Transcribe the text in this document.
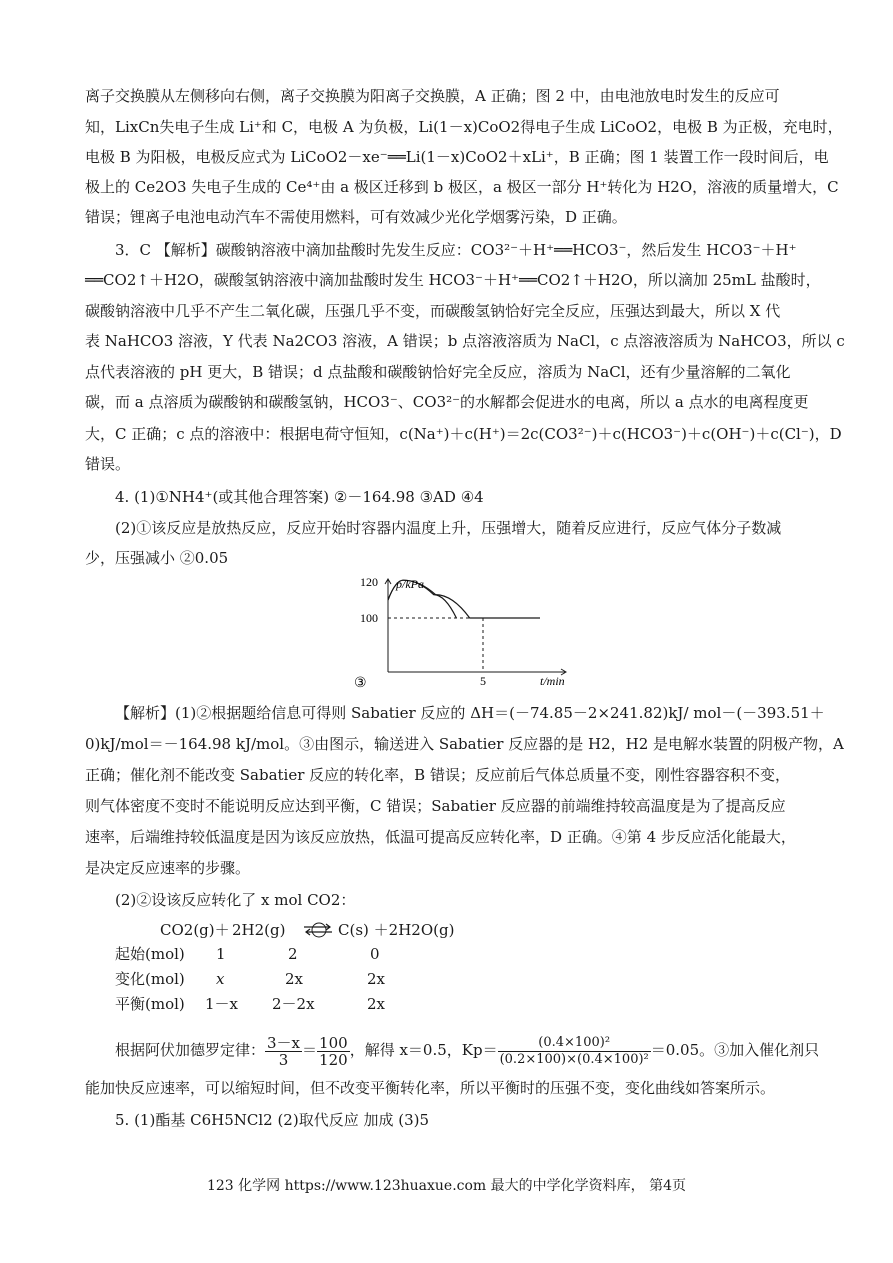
离子交换膜从左侧移向右侧，离子交换膜为阳离子交换膜，A 正确；图 2 中，由电池放电时发生的反应可
知，LixCn失电子生成 Li⁺和 C，电极 A 为负极，Li(1－x)CoO2得电子生成 LiCoO2，电极 B 为正极，充电时，
电极 B 为阳极，电极反应式为 LiCoO2－xe⁻══Li(1－x)CoO2＋xLi⁺，B 正确；图 1 装置工作一段时间后，电
极上的 Ce2O3 失电子生成的 Ce⁴⁺由 a 极区迁移到 b 极区，a 极区一部分 H⁺转化为 H2O，溶液的质量增大，C
错误；锂离子电池电动汽车不需使用燃料，可有效减少光化学烟雾污染，D 正确。
3．C 【解析】碳酸钠溶液中滴加盐酸时先发生反应：CO3²⁻＋H⁺══HCO3⁻，然后发生 HCO3⁻＋H⁺
══CO2↑＋H2O，碳酸氢钠溶液中滴加盐酸时发生 HCO3⁻＋H⁺══CO2↑＋H2O，所以滴加 25mL 盐酸时，
碳酸钠溶液中几乎不产生二氧化碳，压强几乎不变，而碳酸氢钠恰好完全反应，压强达到最大，所以 X 代
表 NaHCO3 溶液，Y 代表 Na2CO3 溶液，A 错误；b 点溶液溶质为 NaCl，c 点溶液溶质为 NaHCO3，所以 c
点代表溶液的 pH 更大，B 错误；d 点盐酸和碳酸钠恰好完全反应，溶质为 NaCl，还有少量溶解的二氧化
碳，而 a 点溶质为碳酸钠和碳酸氢钠，HCO3⁻、CO3²⁻的水解都会促进水的电离，所以 a 点水的电离程度更
大，C 正确；c 点的溶液中：根据电荷守恒知，c(Na⁺)＋c(H⁺)＝2c(CO3²⁻)＋c(HCO3⁻)＋c(OH⁻)＋c(Cl⁻)，D
错误。
4. (1)①NH4⁺(或其他合理答案) ②－164.98 ③AD ④4
(2)①该反应是放热反应，反应开始时容器内温度上升，压强增大，随着反应进行，反应气体分子数减
少，压强减小 ②0.05
p/kPa
120
100
5	t/min
③
【解析】(1)②根据题给信息可得则 Sabatier 反应的 ΔH＝(－74.85－2×241.82)kJ/ mol－(－393.51＋
0)kJ/mol＝－164.98 kJ/mol。③由图示，输送进入 Sabatier 反应器的是 H2，H2 是电解水装置的阴极产物，A
正确；催化剂不能改变 Sabatier 反应的转化率，B 错误；反应前后气体总质量不变，刚性容器容积不变，
则气体密度不变时不能说明反应达到平衡，C 错误；Sabatier 反应器的前端维持较高温度是为了提高反应
速率，后端维持较低温度是因为该反应放热，低温可提高反应转化率，D 正确。④第 4 步反应活化能最大，
是决定反应速率的步骤。
(2)②设该反应转化了 x mol CO2：
CO2(g)＋ 2H2(g) ⇌ C(s) ＋2H2O(g)
起始(mol) 1	2	0
变化(mol) x	2x	2x
平衡(mol) 1－x 2－2x	2x
根据阿伏加德罗定律： $\frac{3-x}{3} = \frac{100}{120}$ ，解得 x＝0.5，$Kp= \frac{\text{(0.4×100)²}}{\text{(0.2×100)×(0.4×100)²}} =0.05$。③加入催化剂只
能加快反应速率，可以缩短时间，但不改变平衡转化率，所以平衡时的压强不变，变化曲线如答案所示。
5. (1)酯基 C6H5NCl2 (2)取代反应 加成 (3)5
123 化学网 https://www.123huaxue.com 最大的中学化学资料库， 第4页
